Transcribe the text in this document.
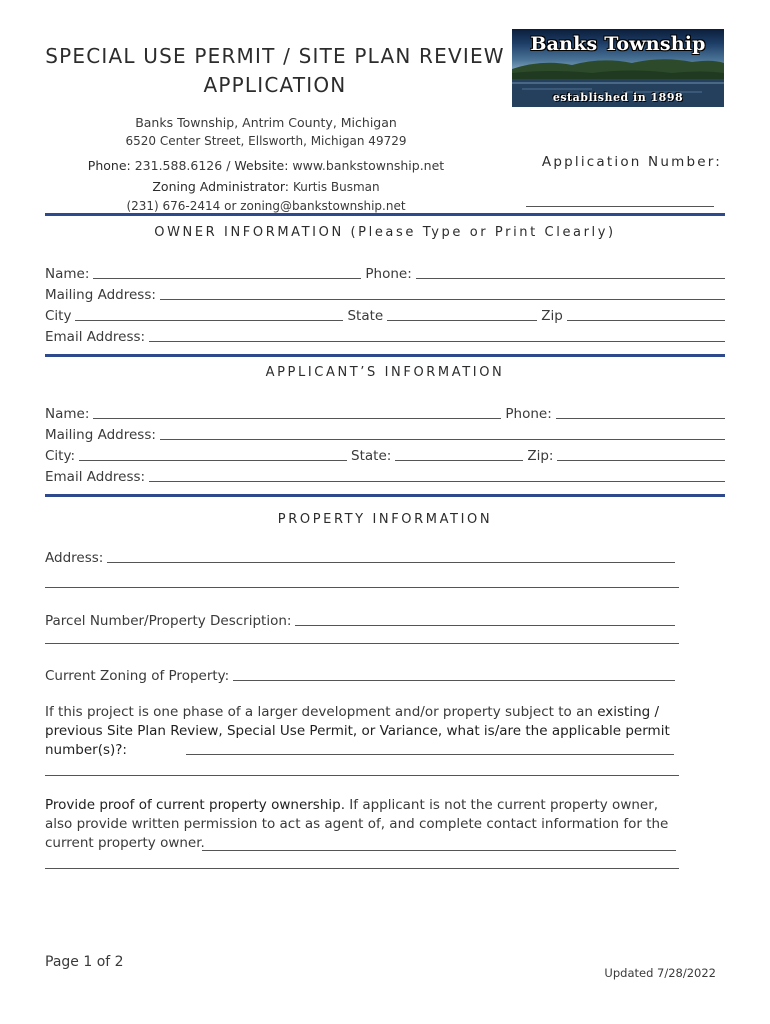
SPECIAL USE PERMIT / SITE PLAN REVIEW
APPLICATION
Banks Township
established in 1898
Banks Township, Antrim County, Michigan
6520 Center Street, Ellsworth, Michigan 49729
Phone: 231.588.6126 / Website: www.bankstownship.net
Zoning Administrator: Kurtis Busman
(231) 676-2414 or zoning@bankstownship.net
Application Number:
OWNER INFORMATION (Please Type or Print Clearly)
Name:	Phone:
Mailing Address:
City	State	Zip
Email Address:
APPLICANT’S INFORMATION
Name:	Phone:
Mailing Address:
City:	State:	Zip:
Email Address:
PROPERTY INFORMATION
Address:
Parcel Number/Property Description:
Current Zoning of Property:
If this project is one phase of a larger development and/or property subject to an existing / previous Site Plan Review, Special Use Permit, or Variance, what is/are the applicable permit number(s)?:
Provide proof of current property ownership. If applicant is not the current property owner, also provide written permission to act as agent of, and complete contact information for the current property owner.
Page 1 of 2
Updated 7/28/2022
